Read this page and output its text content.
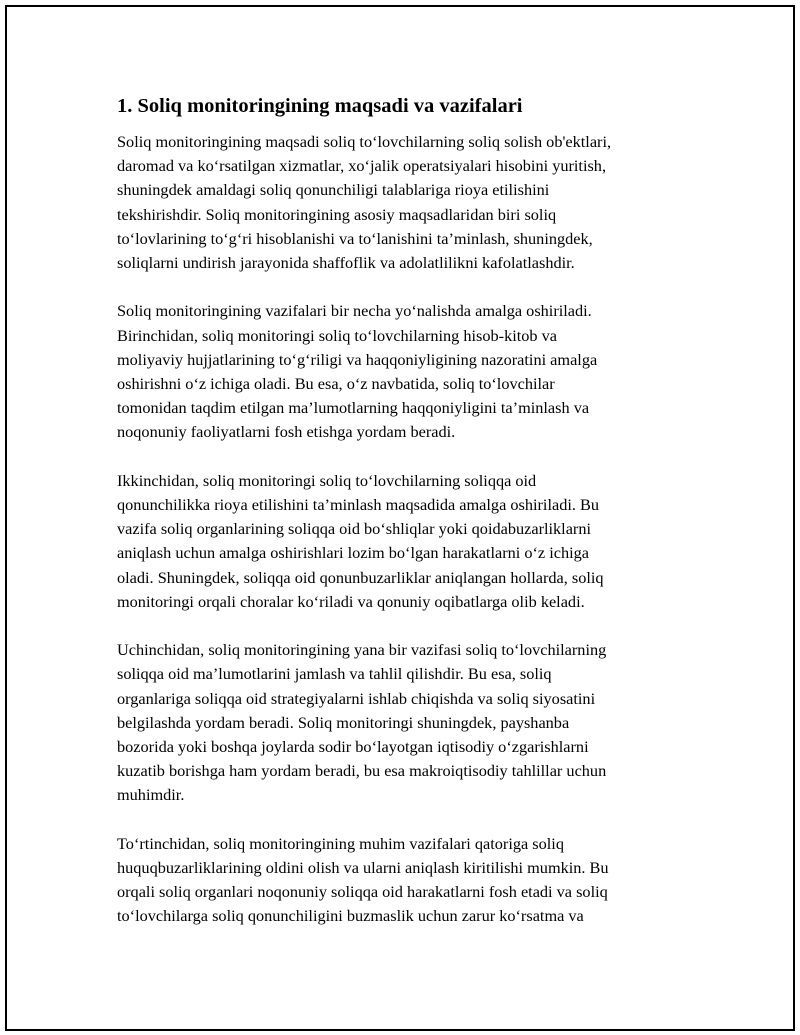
1. Soliq monitoringining maqsadi va vazifalari
Soliq monitoringining maqsadi soliq to‘lovchilarning soliq solish ob'ektlari,
daromad va ko‘rsatilgan xizmatlar, xo‘jalik operatsiyalari hisobini yuritish,
shuningdek amaldagi soliq qonunchiligi talablariga rioya etilishini
tekshirishdir. Soliq monitoringining asosiy maqsadlaridan biri soliq
to‘lovlarining to‘g‘ri hisoblanishi va to‘lanishini ta’minlash, shuningdek,
soliqlarni undirish jarayonida shaffoflik va adolatlilikni kafolatlashdir.
Soliq monitoringining vazifalari bir necha yo‘nalishda amalga oshiriladi.
Birinchidan, soliq monitoringi soliq to‘lovchilarning hisob-kitob va
moliyaviy hujjatlarining to‘g‘riligi va haqqoniyligining nazoratini amalga
oshirishni o‘z ichiga oladi. Bu esa, o‘z navbatida, soliq to‘lovchilar
tomonidan taqdim etilgan ma’lumotlarning haqqoniyligini ta’minlash va
noqonuniy faoliyatlarni fosh etishga yordam beradi.
Ikkinchidan, soliq monitoringi soliq to‘lovchilarning soliqqa oid
qonunchilikka rioya etilishini ta’minlash maqsadida amalga oshiriladi. Bu
vazifa soliq organlarining soliqqa oid bo‘shliqlar yoki qoidabuzarliklarni
aniqlash uchun amalga oshirishlari lozim bo‘lgan harakatlarni o‘z ichiga
oladi. Shuningdek, soliqqa oid qonunbuzarliklar aniqlangan hollarda, soliq
monitoringi orqali choralar ko‘riladi va qonuniy oqibatlarga olib keladi.
Uchinchidan, soliq monitoringining yana bir vazifasi soliq to‘lovchilarning
soliqqa oid ma’lumotlarini jamlash va tahlil qilishdir. Bu esa, soliq
organlariga soliqqa oid strategiyalarni ishlab chiqishda va soliq siyosatini
belgilashda yordam beradi. Soliq monitoringi shuningdek, payshanba
bozorida yoki boshqa joylarda sodir bo‘layotgan iqtisodiy o‘zgarishlarni
kuzatib borishga ham yordam beradi, bu esa makroiqtisodiy tahlillar uchun
muhimdir.
To‘rtinchidan, soliq monitoringining muhim vazifalari qatoriga soliq
huquqbuzarliklarining oldini olish va ularni aniqlash kiritilishi mumkin. Bu
orqali soliq organlari noqonuniy soliqqa oid harakatlarni fosh etadi va soliq
to‘lovchilarga soliq qonunchiligini buzmaslik uchun zarur ko‘rsatma va
